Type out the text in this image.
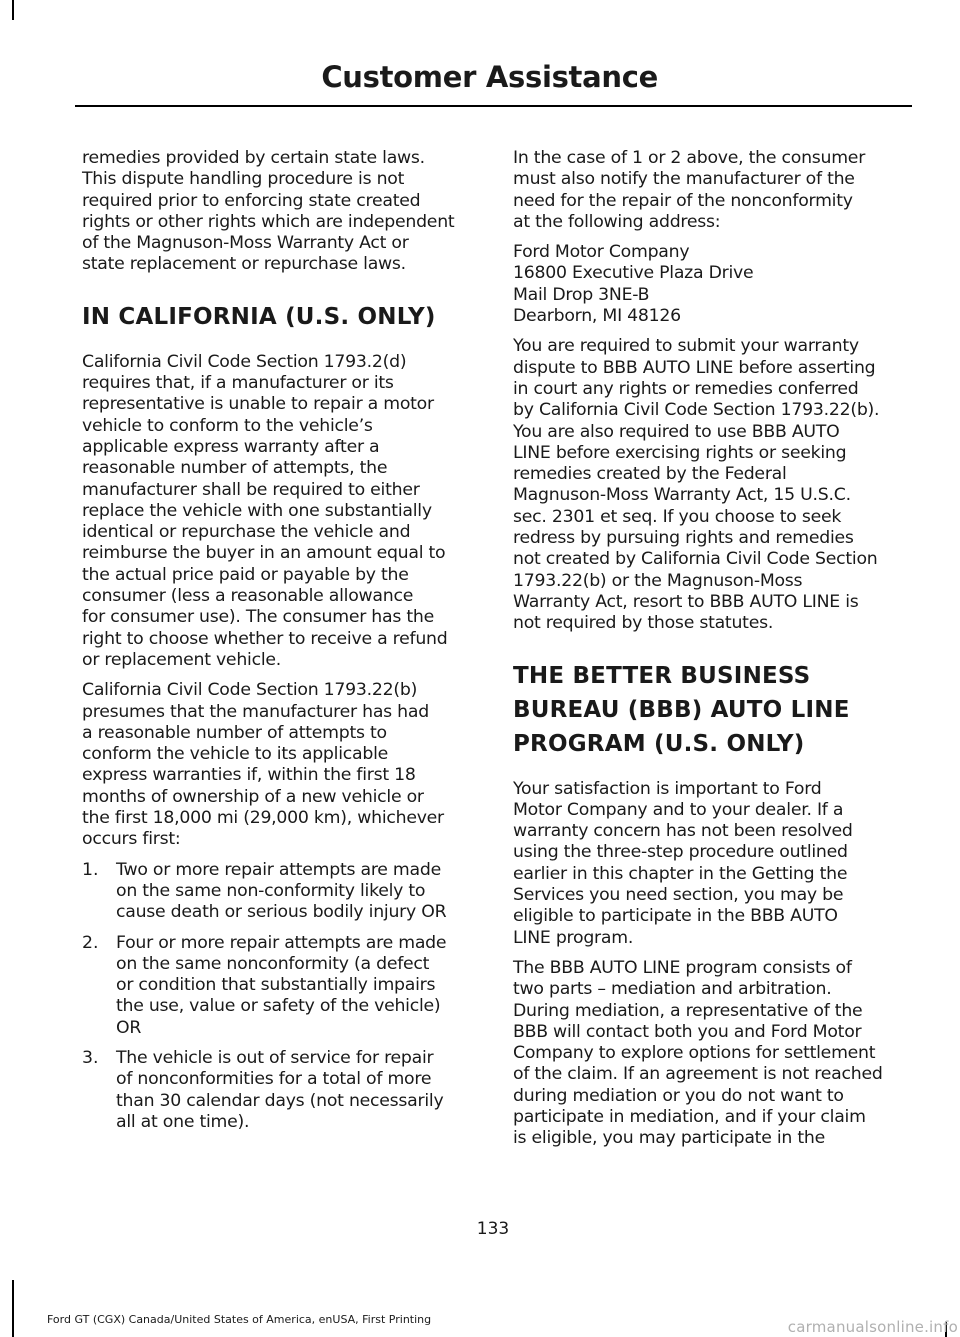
Customer Assistance

remedies provided by certain state laws.
This dispute handling procedure is not
required prior to enforcing state created
rights or other rights which are independent
of the Magnuson-Moss Warranty Act or
state replacement or repurchase laws.

IN CALIFORNIA (U.S. ONLY)

California Civil Code Section 1793.2(d)
requires that, if a manufacturer or its
representative is unable to repair a motor
vehicle to conform to the vehicle’s
applicable express warranty after a
reasonable number of attempts, the
manufacturer shall be required to either
replace the vehicle with one substantially
identical or repurchase the vehicle and
reimburse the buyer in an amount equal to
the actual price paid or payable by the
consumer (less a reasonable allowance
for consumer use). The consumer has the
right to choose whether to receive a refund
or replacement vehicle.

California Civil Code Section 1793.22(b)
presumes that the manufacturer has had
a reasonable number of attempts to
conform the vehicle to its applicable
express warranties if, within the first 18
months of ownership of a new vehicle or
the first 18,000 mi (29,000 km), whichever
occurs first:

1. Two or more repair attempts are made
on the same non-conformity likely to
cause death or serious bodily injury OR

2. Four or more repair attempts are made
on the same nonconformity (a defect
or condition that substantially impairs
the use, value or safety of the vehicle)
OR

3. The vehicle is out of service for repair
of nonconformities for a total of more
than 30 calendar days (not necessarily
all at one time).

In the case of 1 or 2 above, the consumer
must also notify the manufacturer of the
need for the repair of the nonconformity
at the following address:

Ford Motor Company
16800 Executive Plaza Drive
Mail Drop 3NE-B
Dearborn, MI 48126

You are required to submit your warranty
dispute to BBB AUTO LINE before asserting
in court any rights or remedies conferred
by California Civil Code Section 1793.22(b).
You are also required to use BBB AUTO
LINE before exercising rights or seeking
remedies created by the Federal
Magnuson-Moss Warranty Act, 15 U.S.C.
sec. 2301 et seq. If you choose to seek
redress by pursuing rights and remedies
not created by California Civil Code Section
1793.22(b) or the Magnuson-Moss
Warranty Act, resort to BBB AUTO LINE is
not required by those statutes.

THE BETTER BUSINESS
BUREAU (BBB) AUTO LINE
PROGRAM (U.S. ONLY)

Your satisfaction is important to Ford
Motor Company and to your dealer. If a
warranty concern has not been resolved
using the three-step procedure outlined
earlier in this chapter in the Getting the
Services you need section, you may be
eligible to participate in the BBB AUTO
LINE program.

The BBB AUTO LINE program consists of
two parts – mediation and arbitration.
During mediation, a representative of the
BBB will contact both you and Ford Motor
Company to explore options for settlement
of the claim. If an agreement is not reached
during mediation or you do not want to
participate in mediation, and if your claim
is eligible, you may participate in the

133
Ford GT (CGX) Canada/United States of America, enUSA, First Printing	carmanualsonline.info
